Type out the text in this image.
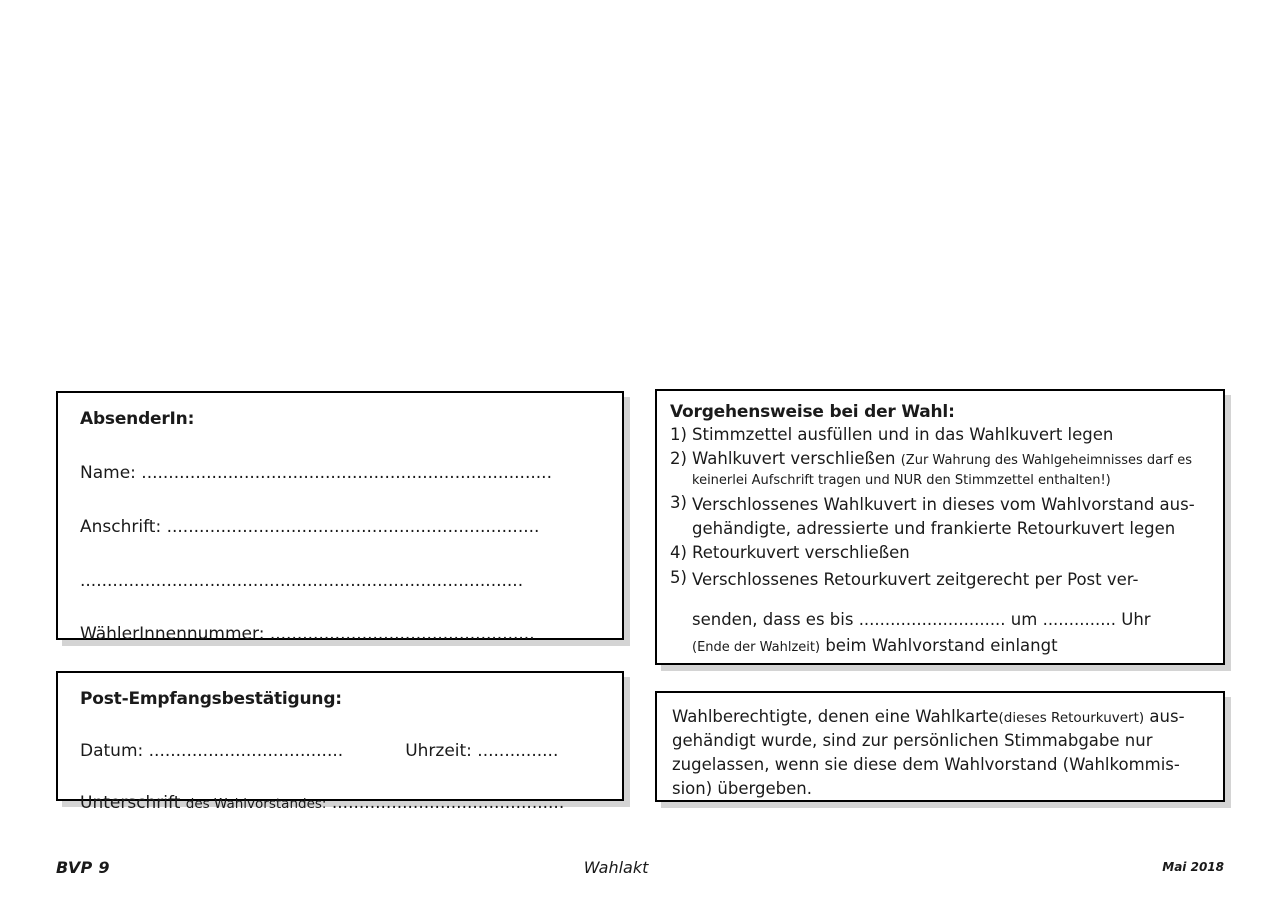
AbsenderIn:
Name: ............................................................................
Anschrift: .....................................................................
..................................................................................
WählerInnennummer: .................................................
Post-Empfangsbestätigung:
Datum: ....................................	Uhrzeit: ...............
Unterschrift des Wahlvorstandes: ...........................................
Vorgehensweise bei der Wahl:
1) Stimmzettel ausfüllen und in das Wahlkuvert legen
2) Wahlkuvert verschließen (Zur Wahrung des Wahlgeheimnisses darf es keinerlei Aufschrift tragen und NUR den Stimmzettel enthalten!)
3) Verschlossenes Wahlkuvert in dieses vom Wahlvorstand aus-gehändigte, adressierte und frankierte Retourkuvert legen
4) Retourkuvert verschließen
5) Verschlossenes Retourkuvert zeitgerecht per Post ver-
senden, dass es bis ............................ um .............. Uhr
(Ende der Wahlzeit) beim Wahlvorstand einlangt

Wahlberechtigte, denen eine Wahlkarte(dieses Retourkuvert) aus-gehändigt wurde, sind zur persönlichen Stimmabgabe nur zugelassen, wenn sie diese dem Wahlvorstand (Wahlkommis-sion) übergeben.

BVP 9	Wahlakt	Mai 2018
